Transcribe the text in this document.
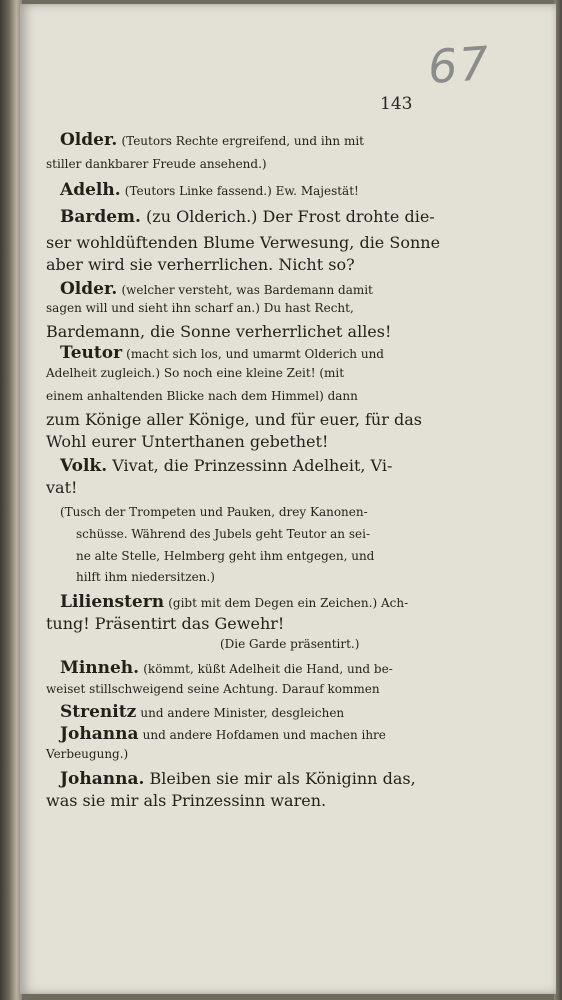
67
143
Older. (Teutors Rechte ergreifend, und ihn mit
stiller dankbarer Freude ansehend.)
Adelh. (Teutors Linke fassend.) Ew. Majestät!
Bardem. (zu Olderich.) Der Frost drohte die-
ser wohldüftenden Blume Verwesung, die Sonne
aber wird sie verherrlichen. Nicht so?
Older. (welcher versteht, was Bardemann damit
sagen will und sieht ihn scharf an.) Du hast Recht,
Bardemann, die Sonne verherrlichet alles!
Teutor (macht sich los, und umarmt Olderich und
Adelheit zugleich.) So noch eine kleine Zeit! (mit
einem anhaltenden Blicke nach dem Himmel) dann
zum Könige aller Könige, und für euer, für das
Wohl eurer Unterthanen gebethet!
Volk. Vivat, die Prinzessinn Adelheit, Vi-
vat!
(Tusch der Trompeten und Pauken, drey Kanonen-
schüsse. Während des Jubels geht Teutor an sei-
ne alte Stelle, Helmberg geht ihm entgegen, und
hilft ihm niedersitzen.)
Lilienstern (gibt mit dem Degen ein Zeichen.) Ach-
tung! Präsentirt das Gewehr!
(Die Garde präsentirt.)
Minneh. (kömmt, küßt Adelheit die Hand, und be-
weiset stillschweigend seine Achtung. Darauf kommen
Strenitz und andere Minister, desgleichen
Johanna und andere Hofdamen und machen ihre
Verbeugung.)
Johanna. Bleiben sie mir als Königinn das,
was sie mir als Prinzessinn waren.
